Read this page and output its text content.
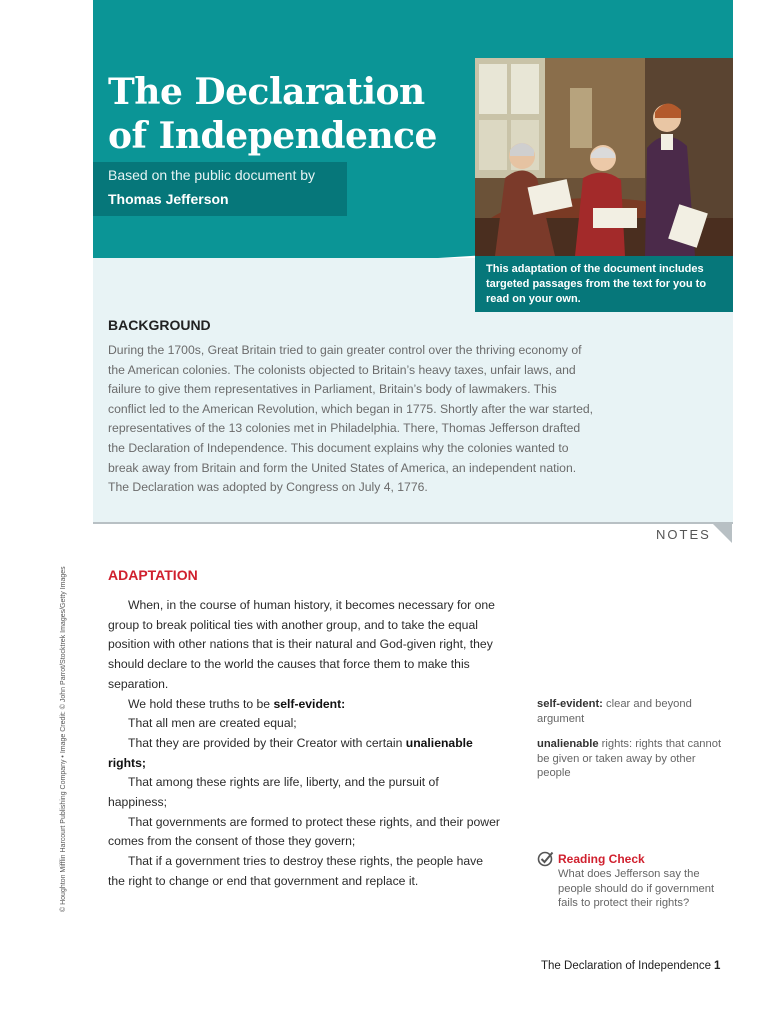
The Declaration
of Independence
Based on the public document by
Thomas Jefferson
This adaptation of the document includes targeted passages from the text for you to read on your own.
BACKGROUND

During the 1700s, Great Britain tried to gain greater control over the thriving economy of the American colonies. The colonists objected to Britain’s heavy taxes, unfair laws, and failure to give them representatives in Parliament, Britain’s body of lawmakers. This conflict led to the American Revolution, which began in 1775. Shortly after the war started, representatives of the 13 colonies met in Philadelphia. There, Thomas Jefferson drafted the Declaration of Independence. This document explains why the colonies wanted to break away from Britain and form the United States of America, an independent nation. The Declaration was adopted by Congress on July 4, 1776.

NOTES
ADAPTATION

When, in the course of human history, it becomes necessary for one group to break political ties with another group, and to take the equal position with other nations that is their natural and God-given right, they should declare to the world the causes that force them to make this separation.

We hold these truths to be self-evident:

That all men are created equal;

That they are provided by their Creator with certain unalienable rights;

That among these rights are life, liberty, and the pursuit of happiness;

That governments are formed to protect these rights, and their power comes from the consent of those they govern;

That if a government tries to destroy these rights, the people have the right to change or end that government and replace it.

self-evident: clear and beyond argument
unalienable rights: rights that cannot be given or taken away by other people
Reading Check
What does Jefferson say the people should do if government fails to protect their rights?
© Houghton Mifflin Harcourt Publishing Company • Image Credit: © John Parrot/Stocktrek Images/Getty Images
The Declaration of Independence 1
